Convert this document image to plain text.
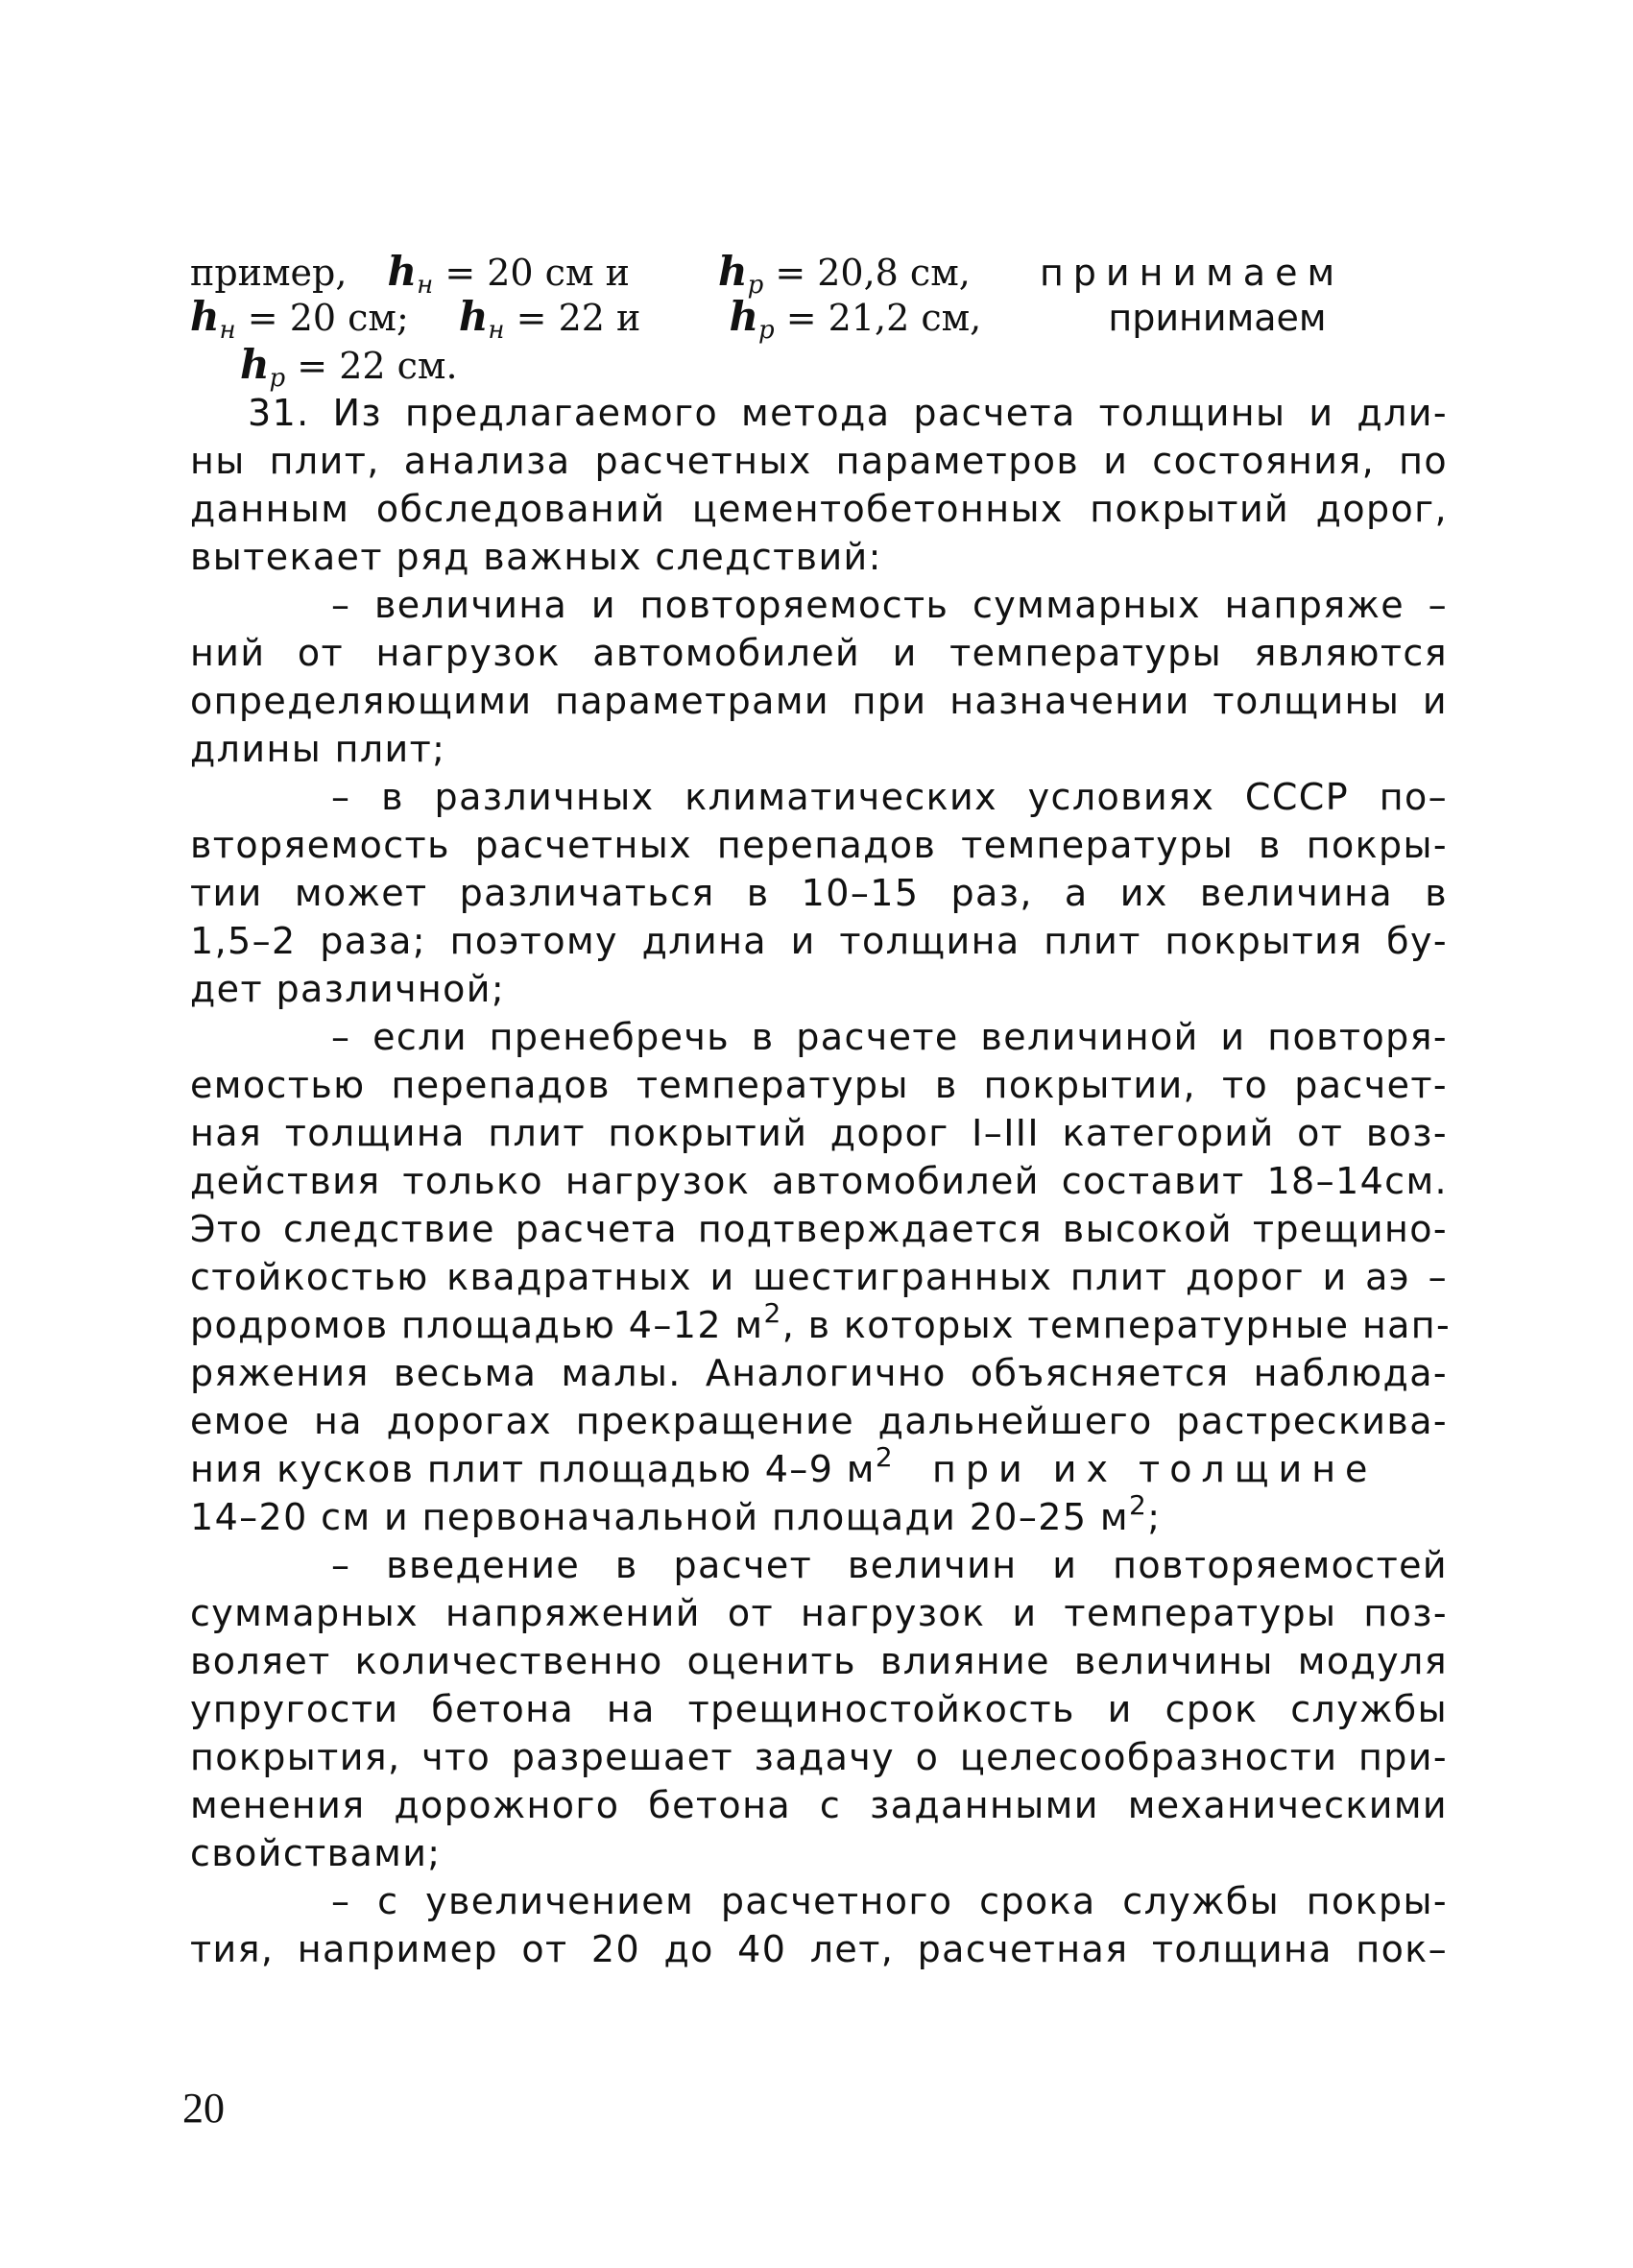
пример, $h_н = 20$ см и $h_р = 20,8$ см, принимаем
$h_н = 20$ см; $h_н = 22$ и $h_р = 21,2$ см,	принимаем
$h_р = 22$ см.
31. Из предлагаемого метода расчета толщины и дли-
ны плит, анализа расчетных параметров и состояния, по
данным обследований цементобетонных покрытий дорог,
вытекает ряд важных следствий:
– величина и повторяемость суммарных напряже –
ний от нагрузок автомобилей и температуры являются
определяющими параметрами при назначении толщины и
длины плит;
– в различных климатических условиях СССР по–
вторяемость расчетных перепадов температуры в покры-
тии может различаться в 10–15 раз, а их величина в
1,5–2 раза; поэтому длина и толщина плит покрытия бу-
дет различной;
– если пренебречь в расчете величиной и повторя-
емостью перепадов температуры в покрытии, то расчет-
ная толщина плит покрытий дорог I–III категорий от воз-
действия только нагрузок автомобилей составит 18–14см.
Это следствие расчета подтверждается высокой трещино-
стойкостью квадратных и шестигранных плит дорог и аэ –
родромов площадью 4–12 $м^2$, в которых температурные нап-
ряжения весьма малы. Аналогично объясняется наблюда-
емое на дорогах прекращение дальнейшего растрескива-
ния кусков плит площадью 4–9 $м^2$ при их толщине
14–20 см и первоначальной площади 20–25 $м^2$;
– введение в расчет величин и повторяемостей
суммарных напряжений от нагрузок и температуры поз-
воляет количественно оценить влияние величины модуля
упругости бетона на трещиностойкость и срок службы
покрытия, что разрешает задачу о целесообразности при-
менения дорожного бетона с заданными механическими
свойствами;
– с увеличением расчетного срока службы покры-
тия, например от 20 до 40 лет, расчетная толщина пок–
20
